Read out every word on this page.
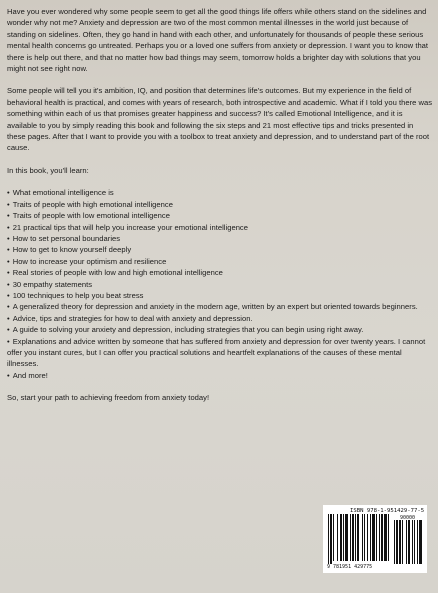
Have you ever wondered why some people seem to get all the good things life offers while others stand on the sidelines and wonder why not me? Anxiety and depression are two of the most common mental illnesses in the world just because of standing on sidelines. Often, they go hand in hand with each other, and unfortunately for thousands of people these serious mental health concerns go untreated. Perhaps you or a loved one suffers from anxiety or depression. I want you to know that there is help out there, and that no matter how bad things may seem, tomorrow holds a brighter day with solutions that you might not see right now.

Some people will tell you it's ambition, IQ, and position that determines life's outcomes. But my experience in the field of behavioral health is practical, and comes with years of research, both introspective and academic. What if I told you there was something within each of us that promises greater happiness and success? It's called Emotional Intelligence, and it is available to you by simply reading this book and following the six steps and 21 most effective tips and tricks presented in these pages. After that I want to provide you with a toolbox to treat anxiety and depression, and to understand part of the root cause.

In this book, you'll learn:

• What emotional intelligence is
• Traits of people with high emotional intelligence
• Traits of people with low emotional intelligence
• 21 practical tips that will help you increase your emotional intelligence
• How to set personal boundaries
• How to get to know yourself deeply
• How to increase your optimism and resilience
• Real stories of people with low and high emotional intelligence
• 30 empathy statements
• 100 techniques to help you beat stress
• A generalized theory for depression and anxiety in the modern age, written by an expert but oriented towards beginners.
• Advice, tips and strategies for how to deal with anxiety and depression.
• A guide to solving your anxiety and depression, including strategies that you can begin using right away.
• Explanations and advice written by someone that has suffered from anxiety and depression for over twenty years. I cannot offer you instant cures, but I can offer you practical solutions and heartfelt explanations of the causes of these mental illnesses.
• And more!

So, start your path to achieving freedom from anxiety today!

ISBN 978-1-951429-77-5
90000
9 781951 429775
